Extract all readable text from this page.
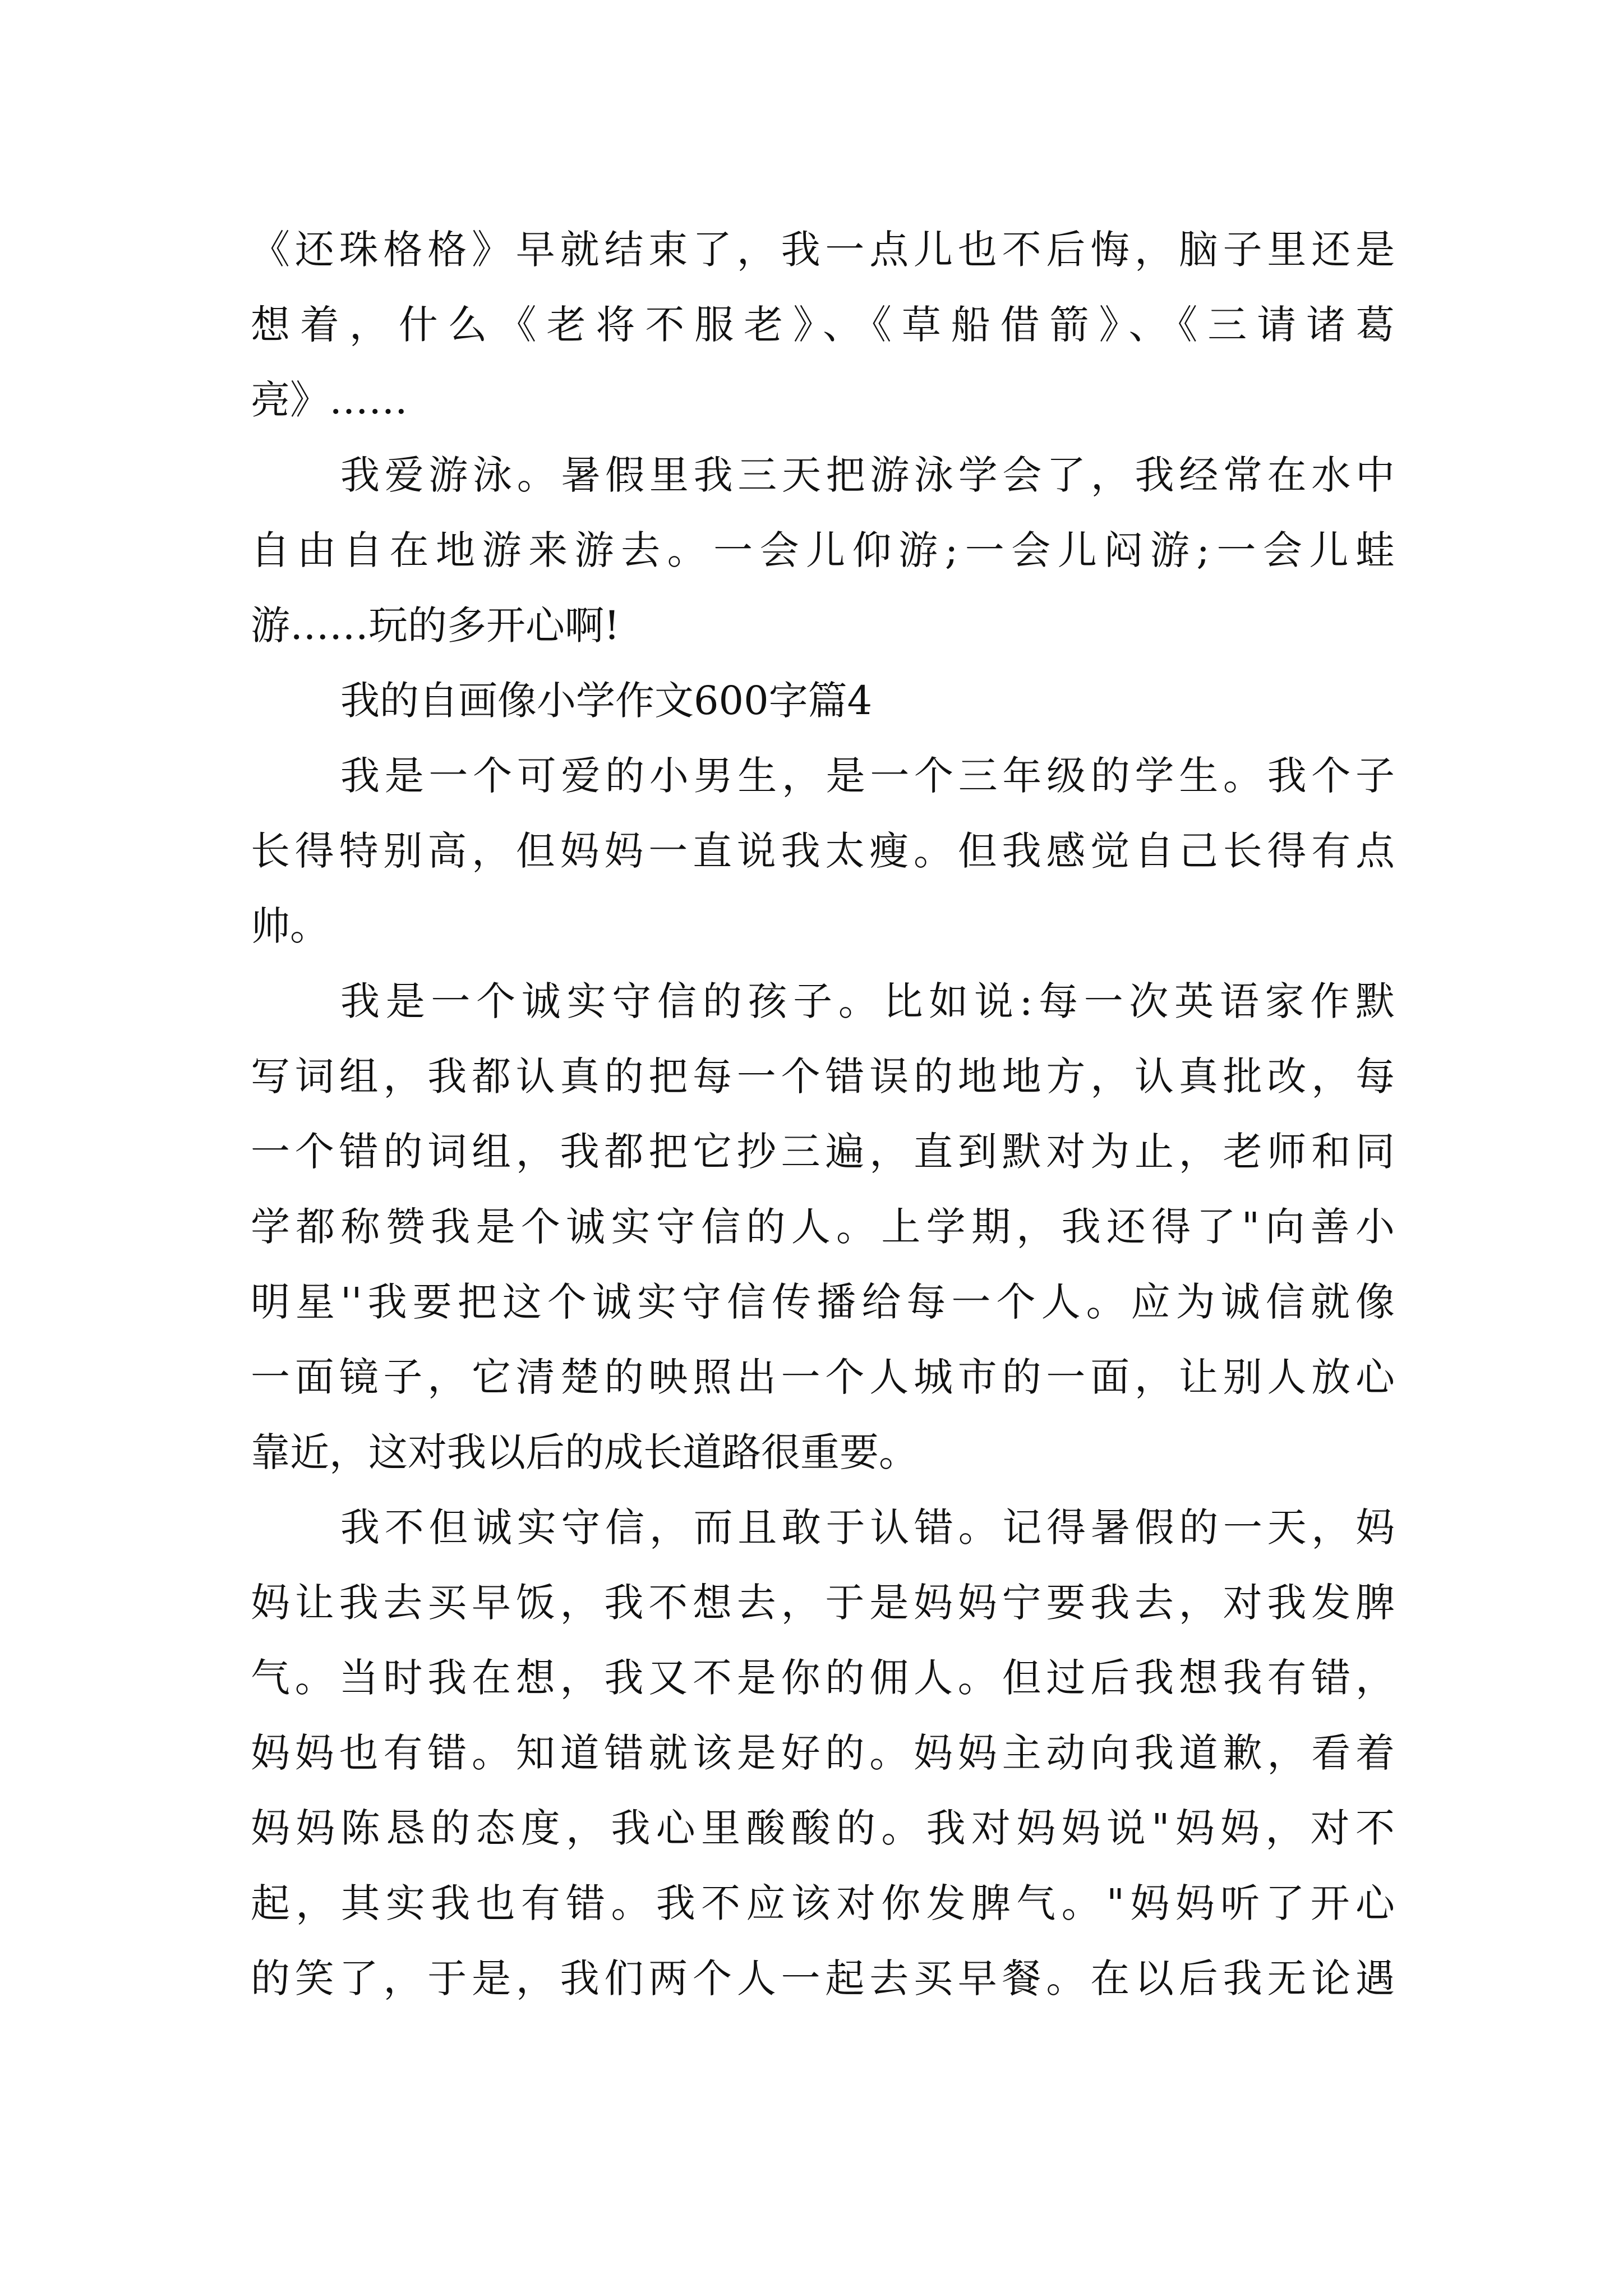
《还珠格格》早就结束了，我一点儿也不后悔，脑子里还是
想着，什么《老将不服老》、《草船借箭》、《三请诸葛
亮》……

我爱游泳。暑假里我三天把游泳学会了，我经常在水中
自由自在地游来游去。一会儿仰游;一会儿闷游;一会儿蛙
游……玩的多开心啊!

我的自画像小学作文600字篇4

我是一个可爱的小男生，是一个三年级的学生。我个子
长得特别高，但妈妈一直说我太瘦。但我感觉自己长得有点
帅。

我是一个诚实守信的孩子。比如说:每一次英语家作默
写词组，我都认真的把每一个错误的地地方，认真批改，每
一个错的词组，我都把它抄三遍，直到默对为止，老师和同
学都称赞我是个诚实守信的人。上学期，我还得了"向善小
明星''我要把这个诚实守信传播给每一个人。应为诚信就像
一面镜子，它清楚的映照出一个人城市的一面，让别人放心
靠近，这对我以后的成长道路很重要。

我不但诚实守信，而且敢于认错。记得暑假的一天，妈
妈让我去买早饭，我不想去，于是妈妈宁要我去，对我发脾
气。当时我在想，我又不是你的佣人。但过后我想我有错，
妈妈也有错。知道错就该是好的。妈妈主动向我道歉，看着
妈妈陈恳的态度，我心里酸酸的。我对妈妈说"妈妈，对不
起，其实我也有错。我不应该对你发脾气。"妈妈听了开心
的笑了，于是，我们两个人一起去买早餐。在以后我无论遇
